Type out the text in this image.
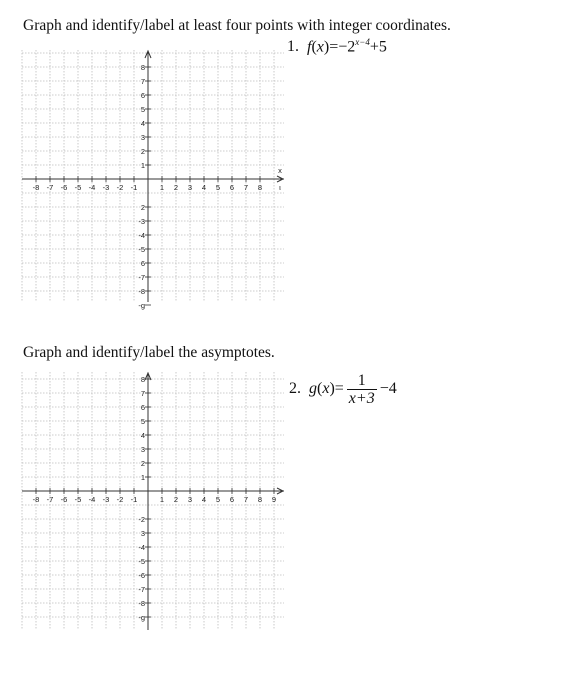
Graph and identify/label at least four points with integer coordinates.
1. $f(x)=-2^{x-4}+5$
-8 -7 -6 -5 -4 -3 -2 -1	1 2 3 4 5 6 7 8
8
7
6
5
4
3
2
1
2
-3
-4
-5
6
-7
-8
-g
x
ι
Graph and identify/label the asymptotes.
2. $g(x)= \frac{1}{x+3} -4$
-8 -7 -6 -5 -4 -3 -2 -1	1 2 3 4 5 6 7 8 9
8
7
6
5
4
3
2
1
-2
3
-4
-5
-6
-7
-8
-g
